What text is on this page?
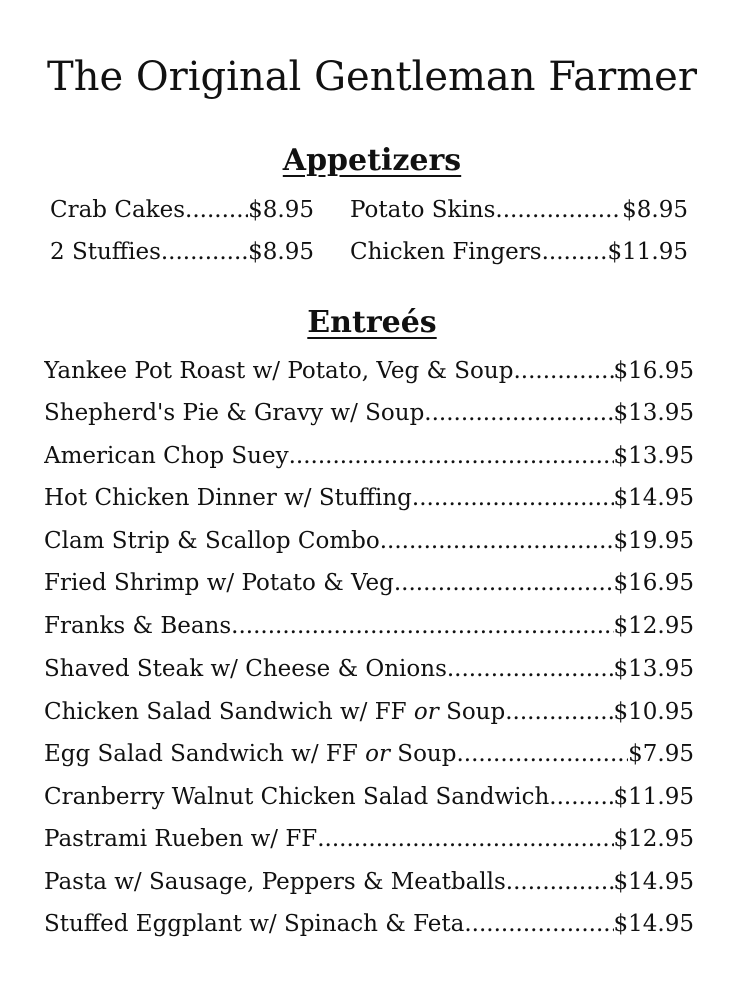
The Original Gentleman Farmer
Appetizers
Crab Cakes .....	$8.95 Potato Skins .....	$8.95
2 Stuffies .....	$8.95 Chicken Fingers .....	$11.95
Entreés
Yankee Pot Roast w/ Potato, Veg & Soup .....	$16.95
Shepherd's Pie & Gravy w/ Soup .....	$13.95
American Chop Suey .....	$13.95
Hot Chicken Dinner w/ Stuffing .....	$14.95
Clam Strip & Scallop Combo .....	$19.95
Fried Shrimp w/ Potato & Veg .....	$16.95
Franks & Beans .....	$12.95
Shaved Steak w/ Cheese & Onions .....	$13.95
Chicken Salad Sandwich w/ FF or Soup .....	$10.95
Egg Salad Sandwich w/ FF or Soup .....	$7.95
Cranberry Walnut Chicken Salad Sandwich .....	$11.95
Pastrami Rueben w/ FF .....	$12.95
Pasta w/ Sausage, Peppers & Meatballs .....	$14.95
Stuffed Eggplant w/ Spinach & Feta .....	$14.95
